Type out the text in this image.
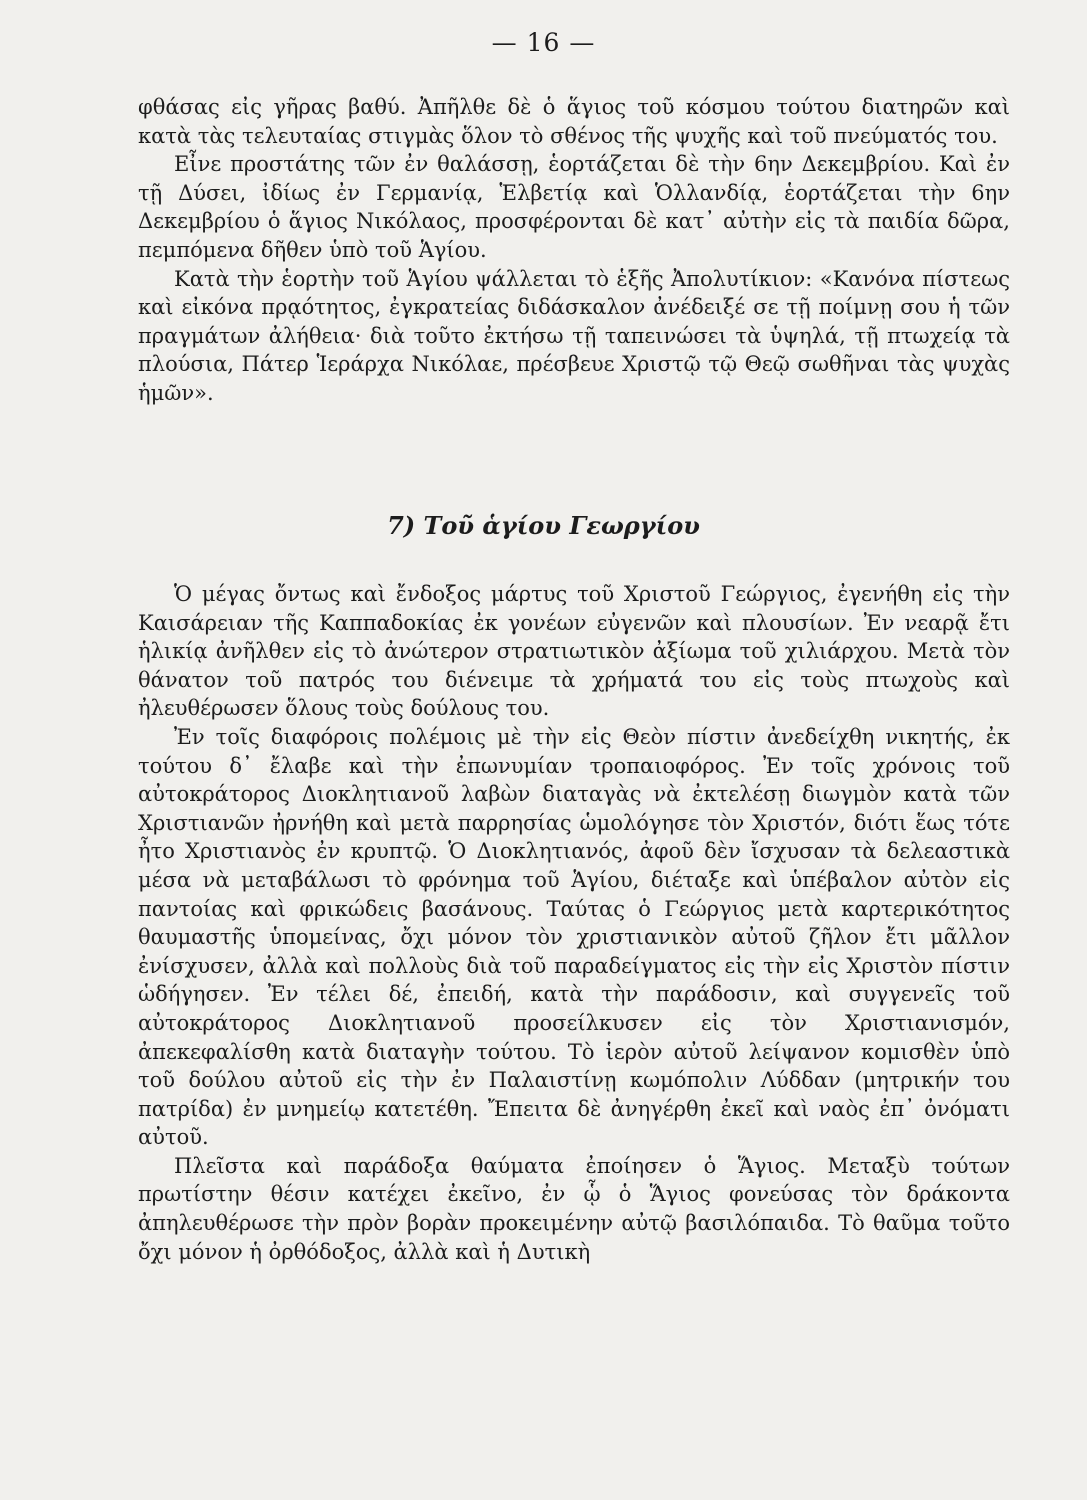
— 16 —

φθάσας εἰς γῆρας βαθύ. Ἀπῆλθε δὲ ὁ ἅγιος τοῦ κόσμου τούτου διατηρῶν καὶ κατὰ τὰς τελευταίας στιγμὰς ὅλον τὸ σθένος τῆς ψυχῆς καὶ τοῦ πνεύματός του.

Εἶνε προστάτης τῶν ἐν θαλάσσῃ, ἑορτάζεται δὲ τὴν 6ην Δεκεμβρίου. Καὶ ἐν τῇ Δύσει, ἰδίως ἐν Γερμανίᾳ, Ἑλβετίᾳ καὶ Ὁλλανδίᾳ, ἑορτάζεται τὴν 6ην Δεκεμβρίου ὁ ἅγιος Νικόλαος, προσφέρονται δὲ κατ᾽ αὐτὴν εἰς τὰ παιδία δῶρα, πεμπόμενα δῆθεν ὑπὸ τοῦ Ἁγίου.

Κατὰ τὴν ἑορτὴν τοῦ Ἁγίου ψάλλεται τὸ ἑξῆς Ἀπολυτίκιον: «Κανόνα πίστεως καὶ εἰκόνα πρᾳότητος, ἐγκρατείας διδάσκαλον ἀνέδειξέ σε τῇ ποίμνῃ σου ἡ τῶν πραγμάτων ἀλήθεια· διὰ τοῦτο ἐκτήσω τῇ ταπεινώσει τὰ ὑψηλά, τῇ πτωχείᾳ τὰ πλούσια, Πάτερ Ἱεράρχα Νικόλαε, πρέσβευε Χριστῷ τῷ Θεῷ σωθῆναι τὰς ψυχὰς ἡμῶν».

7) Τοῦ ἁγίου Γεωργίου

Ὁ μέγας ὄντως καὶ ἔνδοξος μάρτυς τοῦ Χριστοῦ Γεώργιος, ἐγενήθη εἰς τὴν Καισάρειαν τῆς Καππαδοκίας ἐκ γονέων εὐγενῶν καὶ πλουσίων. Ἐν νεαρᾷ ἔτι ἡλικίᾳ ἀνῆλθεν εἰς τὸ ἀνώτερον στρατιωτικὸν ἀξίωμα τοῦ χιλιάρχου. Μετὰ τὸν θάνατον τοῦ πατρός του διένειμε τὰ χρήματά του εἰς τοὺς πτωχοὺς καὶ ἠλευθέρωσεν ὅλους τοὺς δούλους του.

Ἐν τοῖς διαφόροις πολέμοις μὲ τὴν εἰς Θεὸν πίστιν ἀνεδείχθη νικητής, ἐκ τούτου δ᾽ ἔλαβε καὶ τὴν ἐπωνυμίαν τροπαιοφόρος. Ἐν τοῖς χρόνοις τοῦ αὐτοκράτορος Διοκλητιανοῦ λαβὼν διαταγὰς νὰ ἐκτελέσῃ διωγμὸν κατὰ τῶν Χριστιανῶν ἠρνήθη καὶ μετὰ παρρησίας ὡμολόγησε τὸν Χριστόν, διότι ἕως τότε ἦτο Χριστιανὸς ἐν κρυπτῷ. Ὁ Διοκλητιανός, ἀφοῦ δὲν ἴσχυσαν τὰ δελεαστικὰ μέσα νὰ μεταβάλωσι τὸ φρόνημα τοῦ Ἁγίου, διέταξε καὶ ὑπέβαλον αὐτὸν εἰς παντοίας καὶ φρικώδεις βασάνους. Ταύτας ὁ Γεώργιος μετὰ καρτερικότητος θαυμαστῆς ὑπομείνας, ὄχι μόνον τὸν χριστιανικὸν αὐτοῦ ζῆλον ἔτι μᾶλλον ἐνίσχυσεν, ἀλλὰ καὶ πολλοὺς διὰ τοῦ παραδείγματος εἰς τὴν εἰς Χριστὸν πίστιν ὡδήγησεν. Ἐν τέλει δέ, ἐπειδή, κατὰ τὴν παράδοσιν, καὶ συγγενεῖς τοῦ αὐτοκράτορος Διοκλητιανοῦ προσείλκυσεν εἰς τὸν Χριστιανισμόν, ἀπεκεφαλίσθη κατὰ διαταγὴν τούτου. Τὸ ἱερὸν αὐτοῦ λείψανον κομισθὲν ὑπὸ τοῦ δούλου αὐτοῦ εἰς τὴν ἐν Παλαιστίνῃ κωμόπολιν Λύδδαν (μητρικήν του πατρίδα) ἐν μνημείῳ κατετέθη. Ἔπειτα δὲ ἀνηγέρθη ἐκεῖ καὶ ναὸς ἐπ᾽ ὀνόματι αὐτοῦ.

Πλεῖστα καὶ παράδοξα θαύματα ἐποίησεν ὁ Ἅγιος. Μεταξὺ τούτων πρωτίστην θέσιν κατέχει ἐκεῖνο, ἐν ᾧ ὁ Ἅγιος φονεύσας τὸν δράκοντα ἀπηλευθέρωσε τὴν πρὸν βορὰν προκειμένην αὐτῷ βασιλόπαιδα. Τὸ θαῦμα τοῦτο ὄχι μόνον ἡ ὀρθόδοξος, ἀλλὰ καὶ ἡ Δυτικὴ
